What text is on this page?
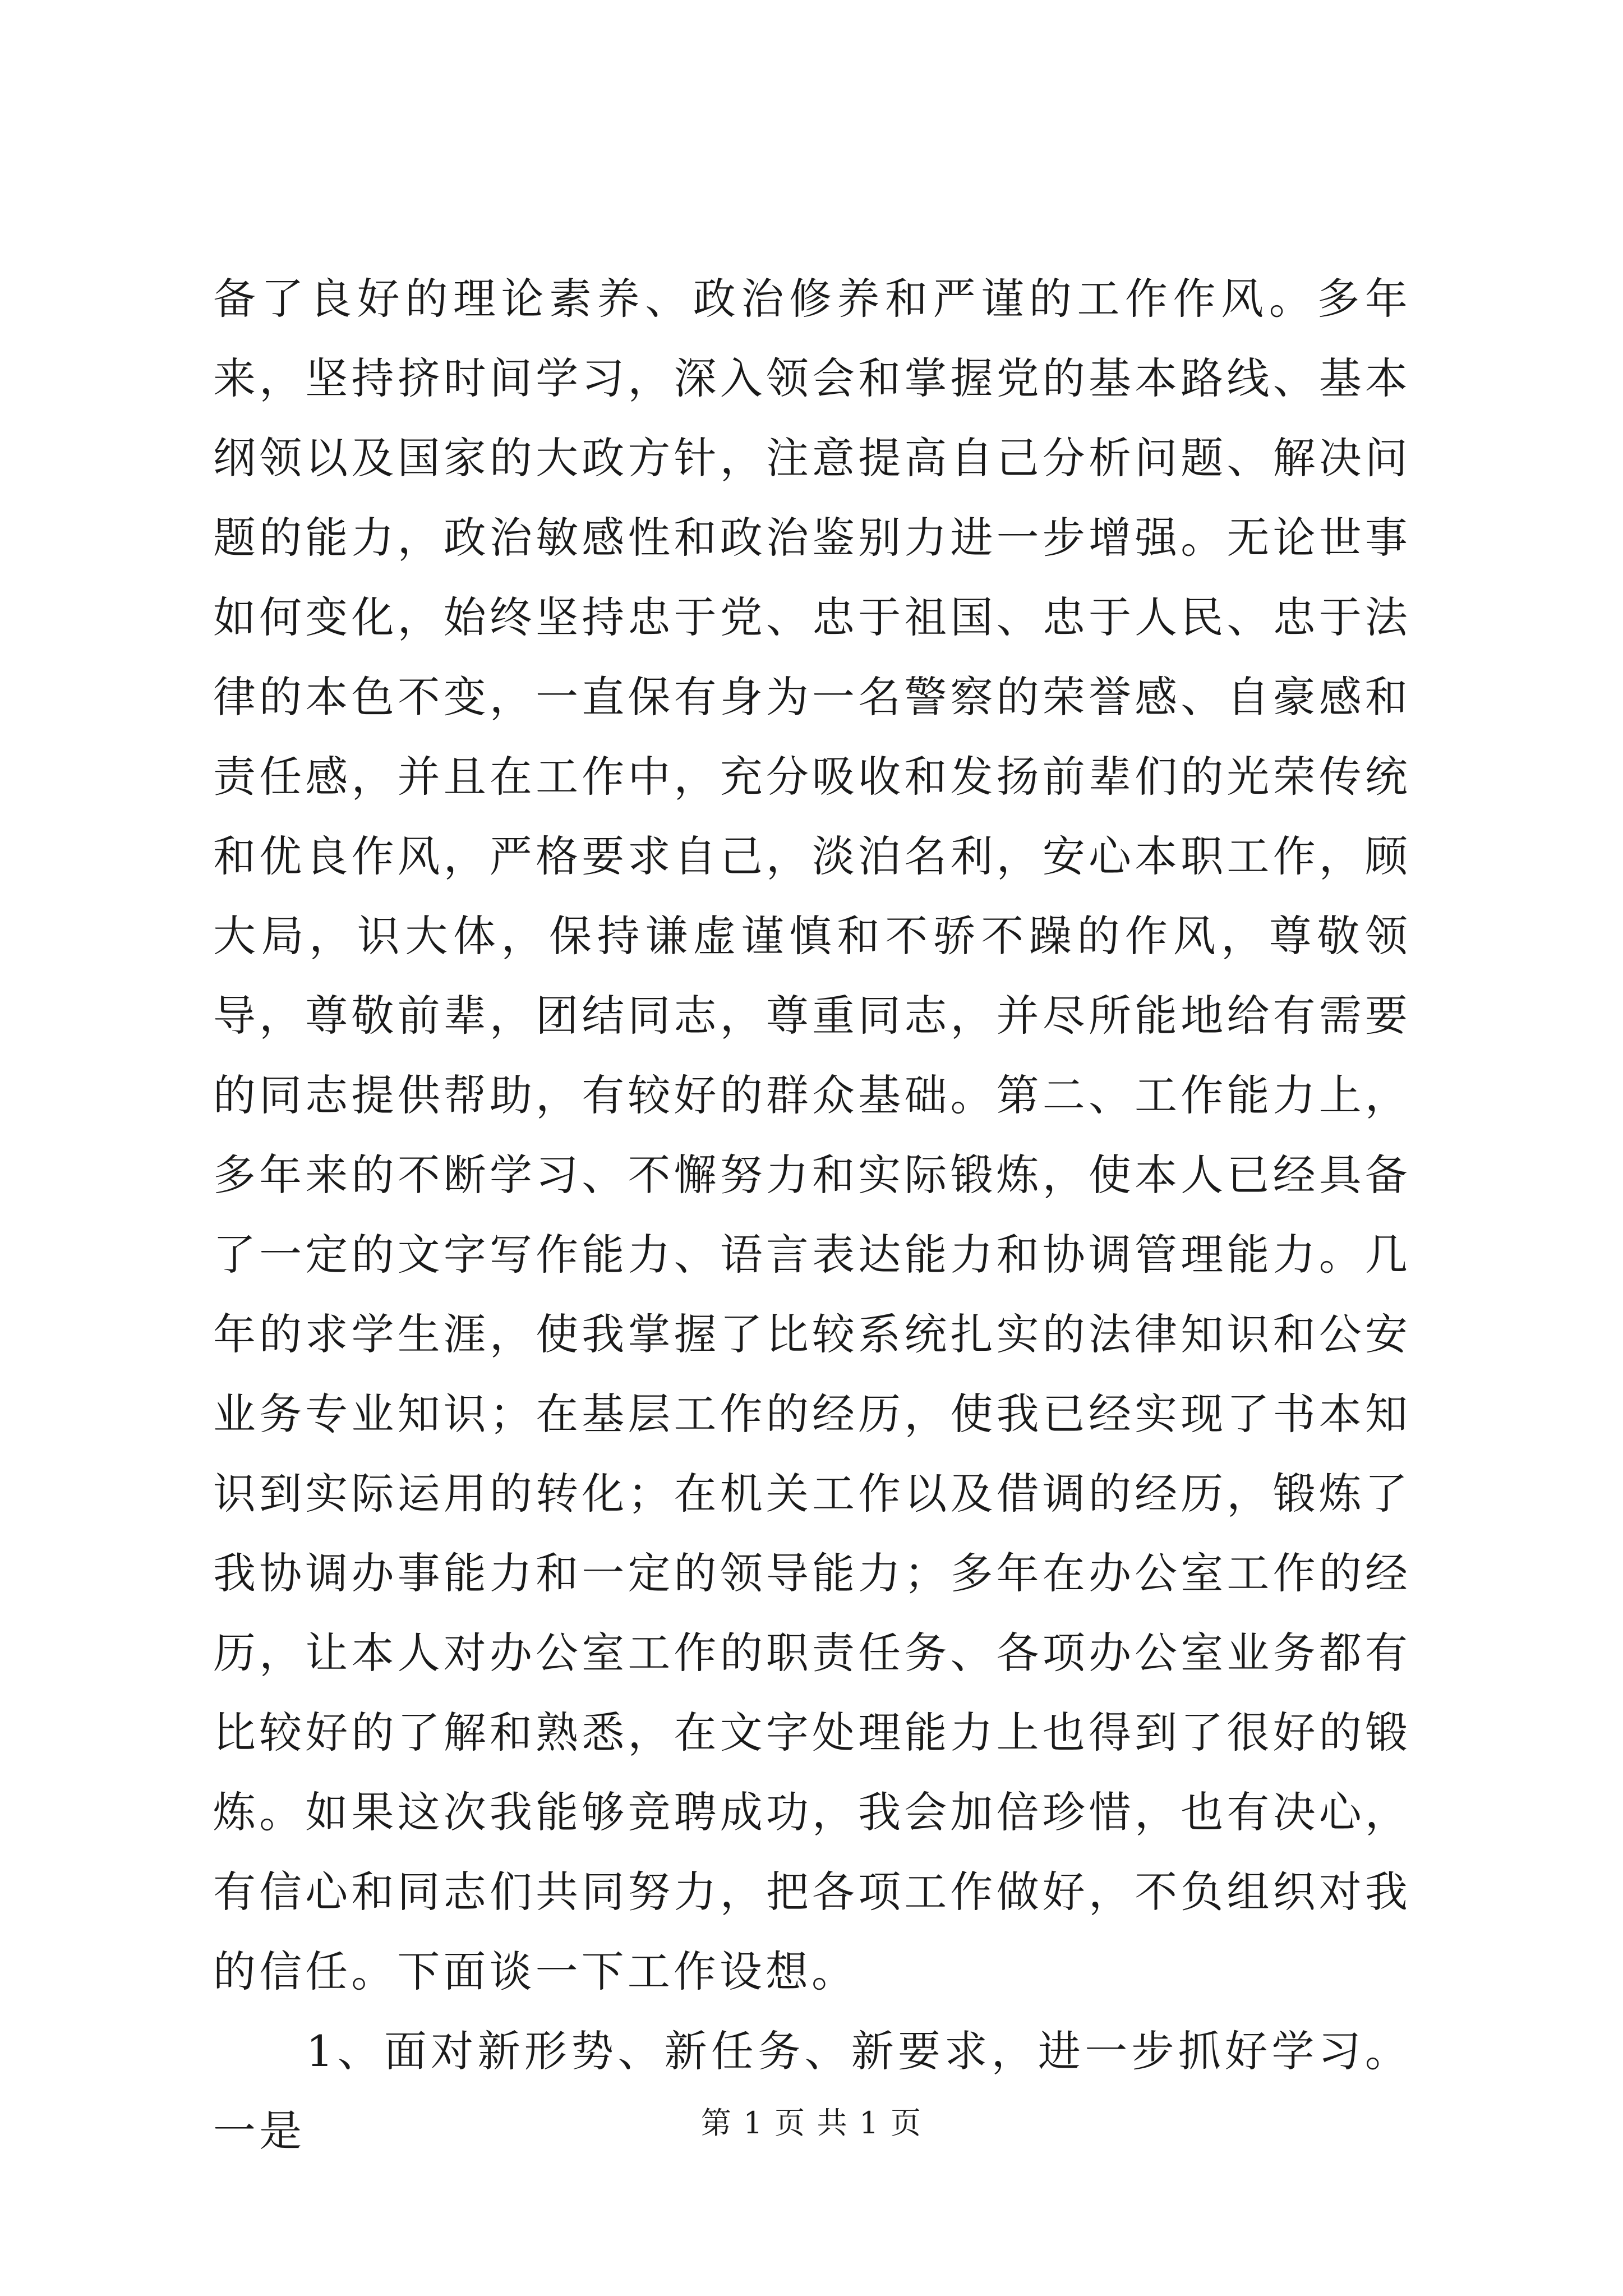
备了良好的理论素养、政治修养和严谨的工作作风。多年来，坚持挤时间学习，深入领会和掌握党的基本路线、基本纲领以及国家的大政方针，注意提高自己分析问题、解决问题的能力，政治敏感性和政治鉴别力进一步增强。无论世事如何变化，始终坚持忠于党、忠于祖国、忠于人民、忠于法律的本色不变，一直保有身为一名警察的荣誉感、自豪感和责任感，并且在工作中，充分吸收和发扬前辈们的光荣传统和优良作风，严格要求自己，淡泊名利，安心本职工作，顾大局，识大体，保持谦虚谨慎和不骄不躁的作风，尊敬领导，尊敬前辈，团结同志，尊重同志，并尽所能地给有需要的同志提供帮助，有较好的群众基础。第二、工作能力上，多年来的不断学习、不懈努力和实际锻炼，使本人已经具备了一定的文字写作能力、语言表达能力和协调管理能力。几年的求学生涯，使我掌握了比较系统扎实的法律知识和公安业务专业知识；在基层工作的经历，使我已经实现了书本知识到实际运用的转化；在机关工作以及借调的经历，锻炼了我协调办事能力和一定的领导能力；多年在办公室工作的经历，让本人对办公室工作的职责任务、各项办公室业务都有比较好的了解和熟悉，在文字处理能力上也得到了很好的锻炼。如果这次我能够竞聘成功，我会加倍珍惜，也有决心，有信心和同志们共同努力，把各项工作做好，不负组织对我的信任。下面谈一下工作设想。

1、面对新形势、新任务、新要求，进一步抓好学习。一是	第 1 页 共 1 页
